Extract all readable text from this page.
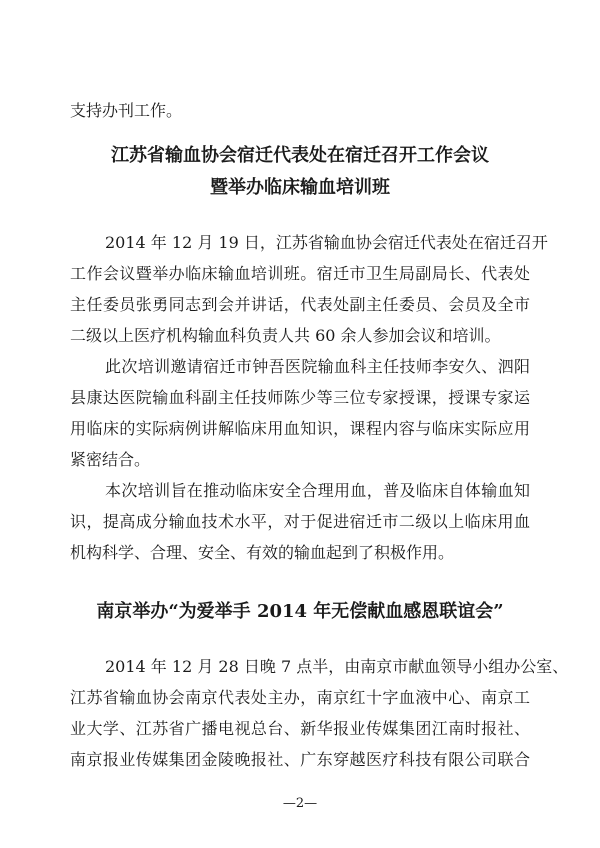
支持办刊工作。
江苏省输血协会宿迁代表处在宿迁召开工作会议
暨举办临床输血培训班
2014 年 12 月 19 日，江苏省输血协会宿迁代表处在宿迁召开
工作会议暨举办临床输血培训班。宿迁市卫生局副局长、代表处
主任委员张勇同志到会并讲话，代表处副主任委员、会员及全市
二级以上医疗机构输血科负责人共 60 余人参加会议和培训。
此次培训邀请宿迁市钟吾医院输血科主任技师李安久、泗阳
县康达医院输血科副主任技师陈少等三位专家授课，授课专家运
用临床的实际病例讲解临床用血知识，课程内容与临床实际应用
紧密结合。
本次培训旨在推动临床安全合理用血，普及临床自体输血知
识，提高成分输血技术水平，对于促进宿迁市二级以上临床用血
机构科学、合理、安全、有效的输血起到了积极作用。
南京举办“为爱举手 2014 年无偿献血感恩联谊会”
2014 年 12 月 28 日晚 7 点半，由南京市献血领导小组办公室、
江苏省输血协会南京代表处主办，南京红十字血液中心、南京工
业大学、江苏省广播电视总台、新华报业传媒集团江南时报社、
南京报业传媒集团金陵晚报社、广东穿越医疗科技有限公司联合
—2—
